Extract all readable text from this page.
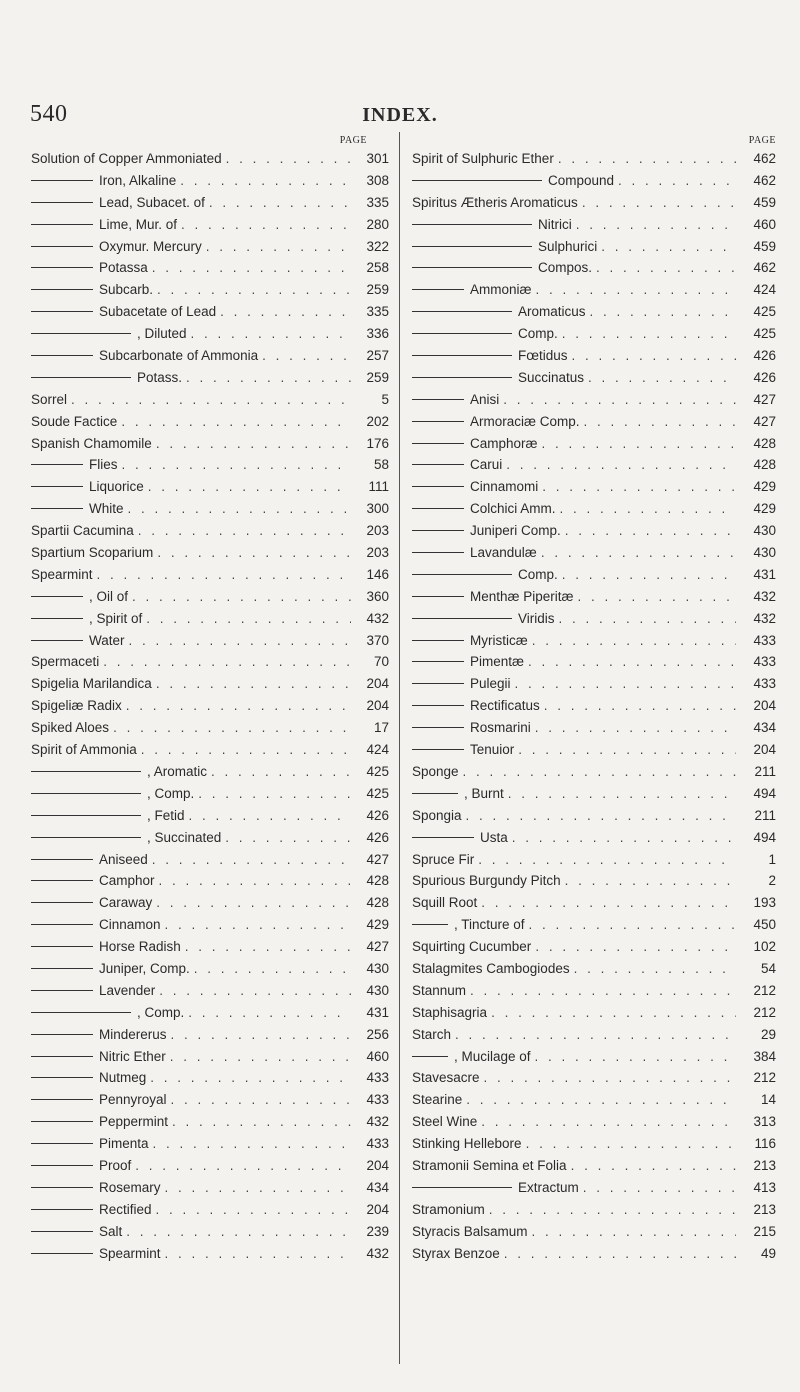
540	INDEX.
PAGE
Solution of Copper Ammoniated . . .	301
Iron, Alkaline . . .	308
Lead, Subacet. of . . .	335
Lime, Mur. of . . .	280
Oxymur. Mercury . . .	322
Potassa . . .	258
Subcarb. . . .	259
Subacetate of Lead . . .	335
, Diluted . . .	336
Subcarbonate of Ammonia . . .	257
Potass. . . .	259
Sorrel . . .	5
Soude Factice . . .	202
Spanish Chamomile . . .	176
Flies . . .	58
Liquorice . . .	111
White . . .	300
Spartii Cacumina . . .	203
Spartium Scoparium . . .	203
Spearmint . . .	146
, Oil of . . .	360
, Spirit of . . .	432
Water . . .	370
Spermaceti . . .	70
Spigelia Marilandica . . .	204
Spigeliæ Radix . . .	204
Spiked Aloes . . .	17
Spirit of Ammonia . . .	424
, Aromatic . . .	425
, Comp. . . .	425
, Fetid . . .	426
, Succinated . . .	426
Aniseed . . .	427
Camphor . . .	428
Caraway . . .	428
Cinnamon . . .	429
Horse Radish . . .	427
Juniper, Comp. . . .	430
Lavender . . .	430
, Comp. . . .	431
Mindererus . . .	256
Nitric Ether . . .	460
Nutmeg . . .	433
Pennyroyal . . .	433
Peppermint . . .	432
Pimenta . . .	433
Proof . . .	204
Rosemary . . .	434
Rectified . . .	204
Salt . . .	239
Spearmint . . .	432
PAGE
Spirit of Sulphuric Ether . . .	462
Compound . . .	462
Spiritus Ætheris Aromaticus . . .	459
Nitrici . . .	460
Sulphurici . . .	459
Compos. . . .	462
Ammoniæ . . .	424
Aromaticus . . .	425
Comp. . . .	425
Fœtidus . . .	426
Succinatus . . .	426
Anisi . . .	427
Armoraciæ Comp. . . .	427
Camphoræ . . .	428
Carui . . .	428
Cinnamomi . . .	429
Colchici Amm. . . .	429
Juniperi Comp. . . .	430
Lavandulæ . . .	430
Comp. . . .	431
Menthæ Piperitæ . . .	432
Viridis . . .	432
Myristicæ . . .	433
Pimentæ . . .	433
Pulegii . . .	433
Rectificatus . . .	204
Rosmarini . . .	434
Tenuior . . .	204
Sponge . . .	211
, Burnt . . .	494
Spongia . . .	211
Usta . . .	494
Spruce Fir . . .	1
Spurious Burgundy Pitch . . .	2
Squill Root . . .	193
, Tincture of . . .	450
Squirting Cucumber . . .	102
Stalagmites Cambogiodes . . .	54
Stannum . . .	212
Staphisagria . . .	212
Starch . . .	29
, Mucilage of . . .	384
Stavesacre . . .	212
Stearine . . .	14
Steel Wine . . .	313
Stinking Hellebore . . .	116
Stramonii Semina et Folia . . .	213
Extractum . . .	413
Stramonium . . .	213
Styracis Balsamum . . .	215
Styrax Benzoe . . .	49
